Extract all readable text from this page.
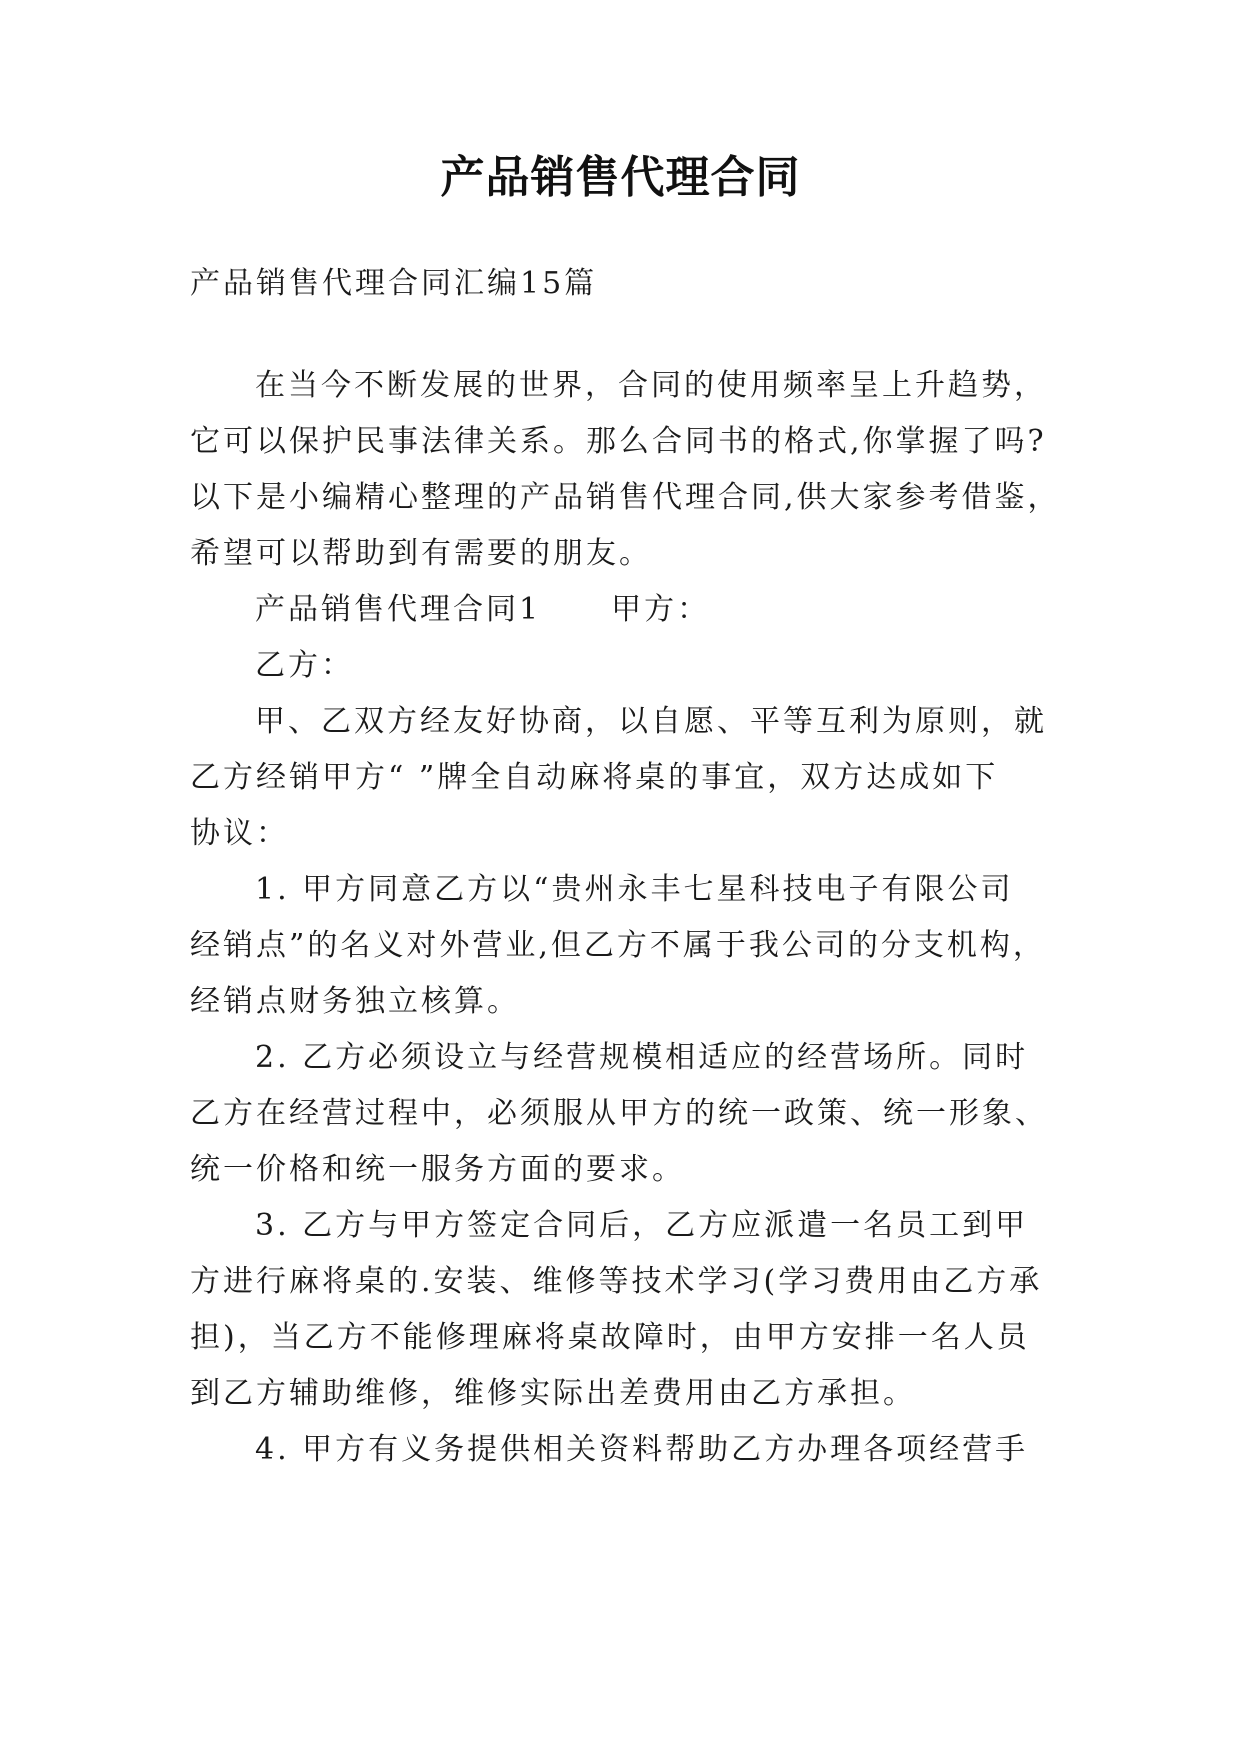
产品销售代理合同
产品销售代理合同汇编15篇
在当今不断发展的世界，合同的使用频率呈上升趋势，
它可以保护民事法律关系。那么合同书的格式,你掌握了吗?
以下是小编精心整理的产品销售代理合同,供大家参考借鉴，
希望可以帮助到有需要的朋友。
产品销售代理合同1 甲方：
乙方：
甲、乙双方经友好协商，以自愿、平等互利为原则，就
乙方经销甲方“ ”牌全自动麻将桌的事宜，双方达成如下
协议：
1. 甲方同意乙方以“贵州永丰七星科技电子有限公司
经销点”的名义对外营业,但乙方不属于我公司的分支机构，
经销点财务独立核算。
2. 乙方必须设立与经营规模相适应的经营场所。同时
乙方在经营过程中，必须服从甲方的统一政策、统一形象、
统一价格和统一服务方面的要求。
3. 乙方与甲方签定合同后，乙方应派遣一名员工到甲
方进行麻将桌的.安装、维修等技术学习(学习费用由乙方承
担)，当乙方不能修理麻将桌故障时，由甲方安排一名人员
到乙方辅助维修，维修实际出差费用由乙方承担。
4. 甲方有义务提供相关资料帮助乙方办理各项经营手
